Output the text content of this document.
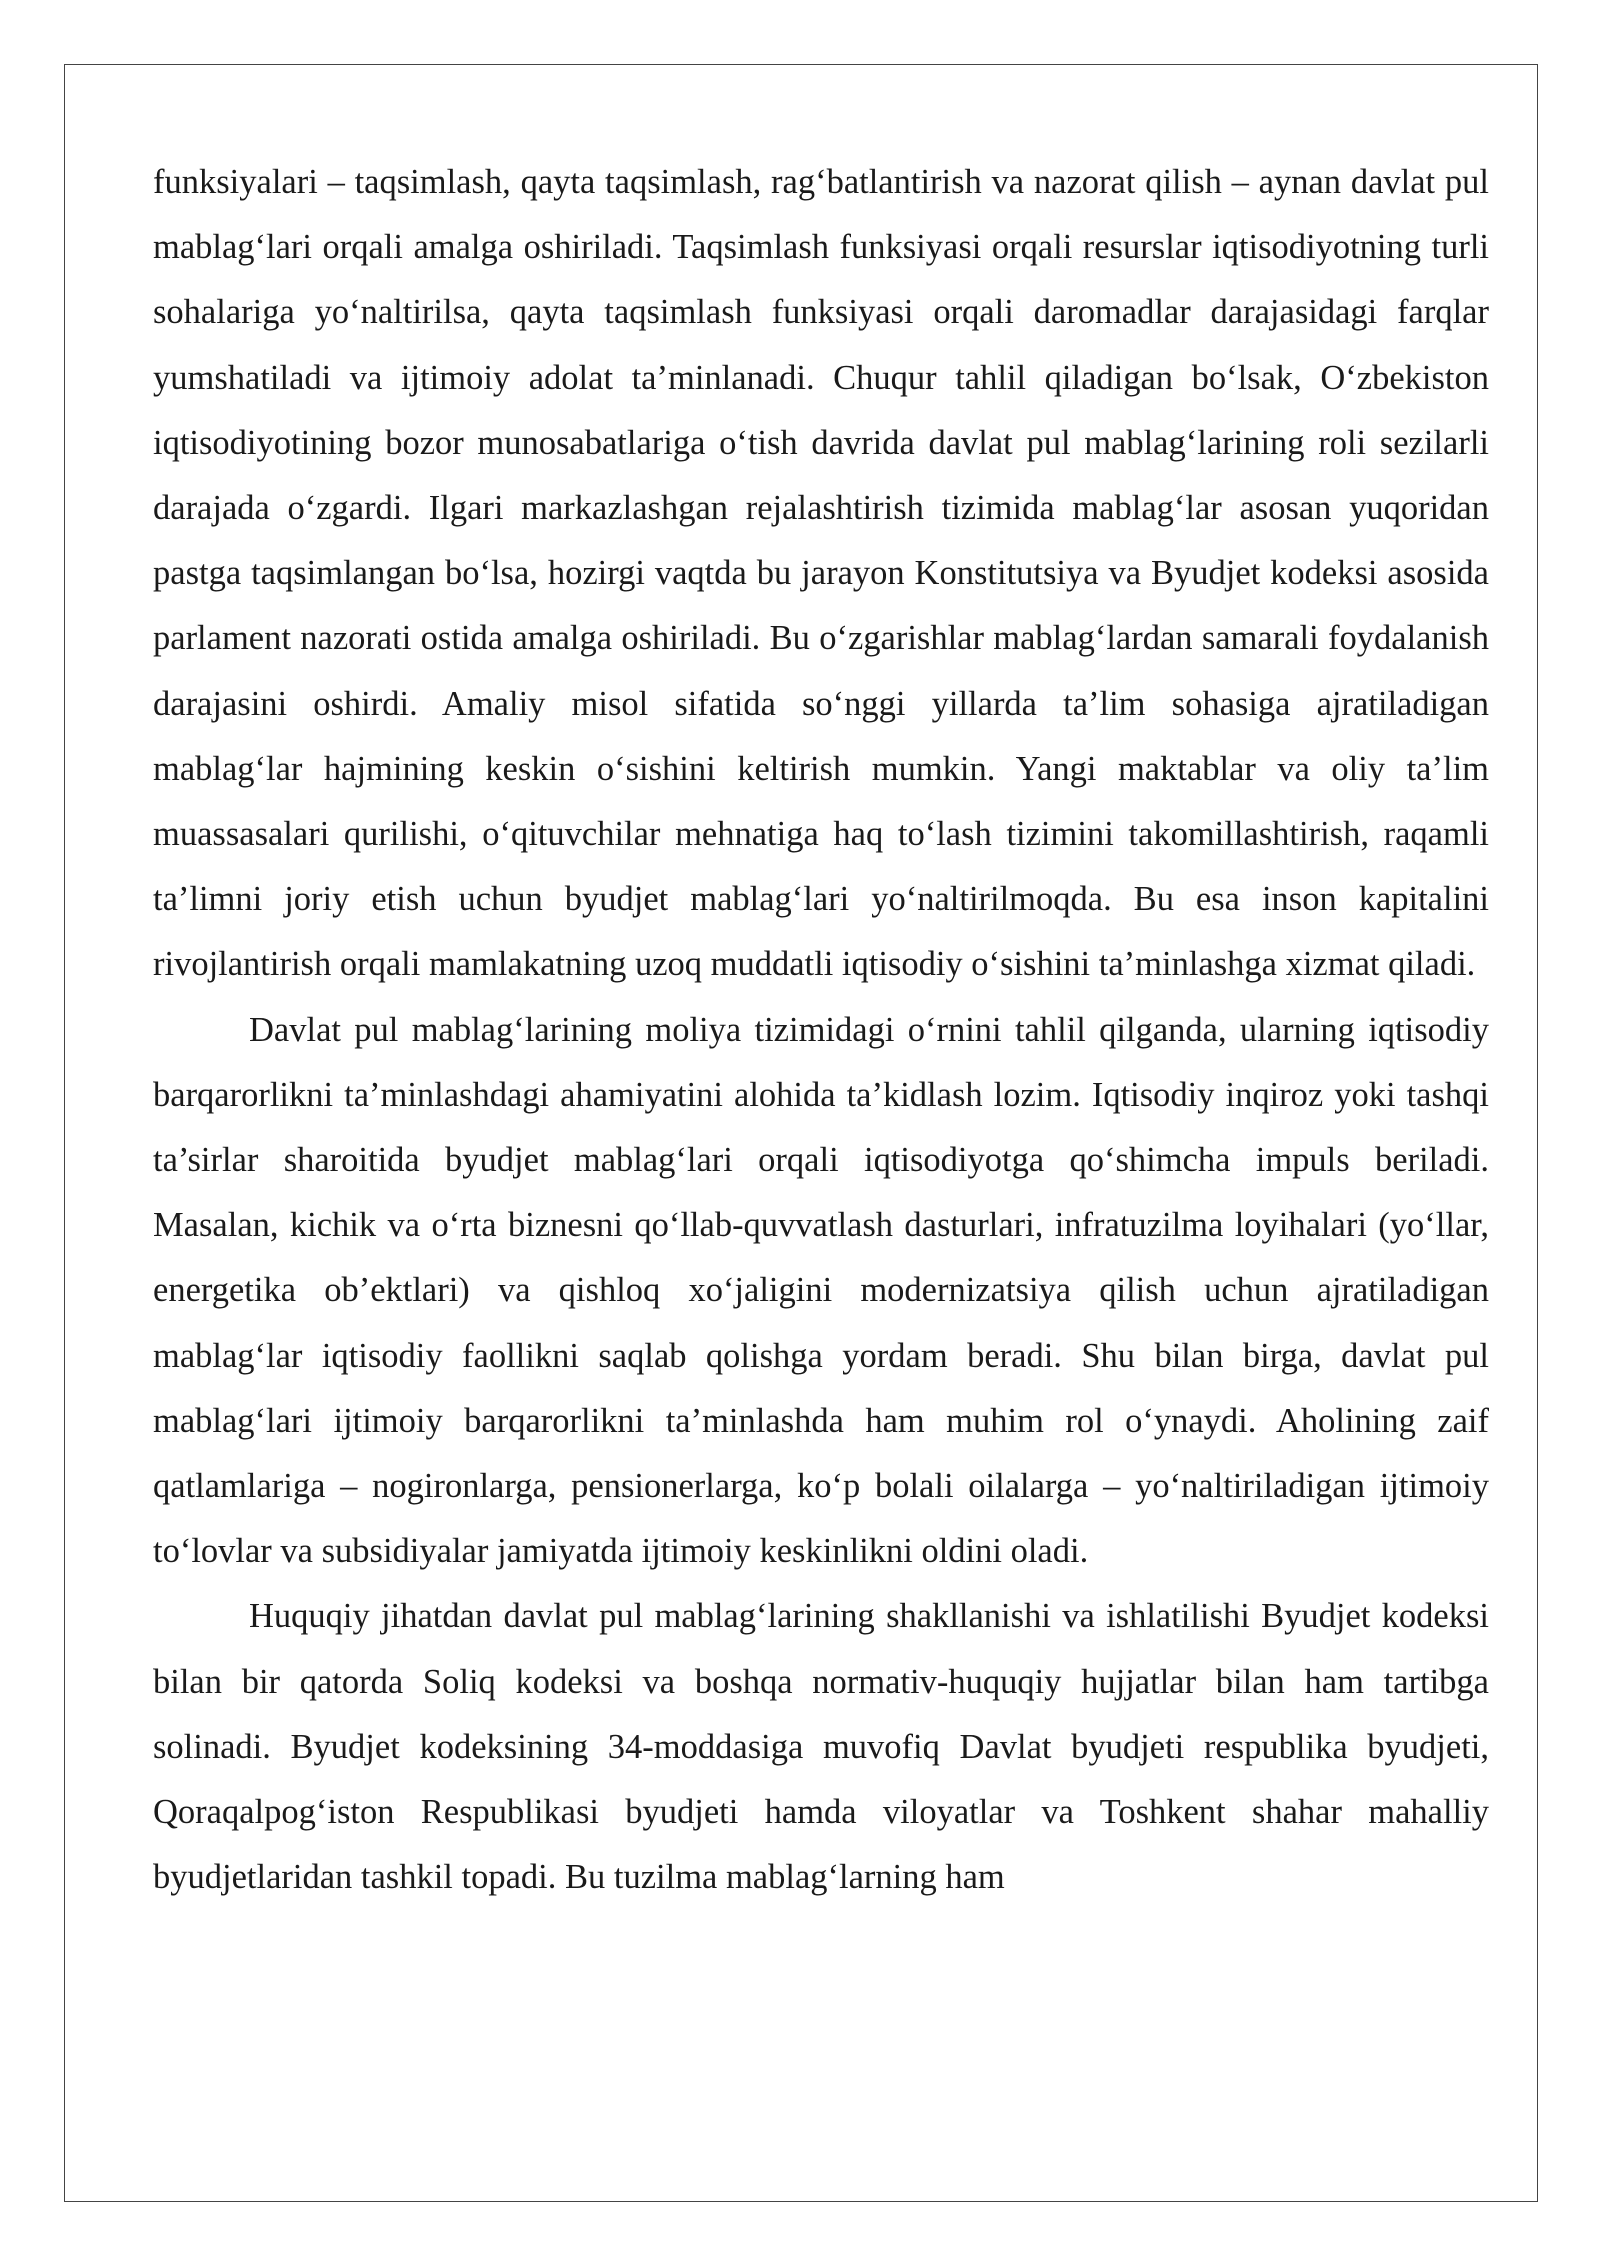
funksiyalari – taqsimlash, qayta taqsimlash, rag‘batlantirish va nazorat qilish – aynan davlat pul mablag‘lari orqali amalga oshiriladi. Taqsimlash funksiyasi orqali resurslar iqtisodiyotning turli sohalariga yo‘naltirilsa, qayta taqsimlash funksiyasi orqali daromadlar darajasidagi farqlar yumshatiladi va ijtimoiy adolat ta’minlanadi. Chuqur tahlil qiladigan bo‘lsak, O‘zbekiston iqtisodiyotining bozor munosabatlariga o‘tish davrida davlat pul mablag‘larining roli sezilarli darajada o‘zgardi. Ilgari markazlashgan rejalashtirish tizimida mablag‘lar asosan yuqoridan pastga taqsimlangan bo‘lsa, hozirgi vaqtda bu jarayon Konstitutsiya va Byudjet kodeksi asosida parlament nazorati ostida amalga oshiriladi. Bu o‘zgarishlar mablag‘lardan samarali foydalanish darajasini oshirdi. Amaliy misol sifatida so‘nggi yillarda ta’lim sohasiga ajratiladigan mablag‘lar hajmining keskin o‘sishini keltirish mumkin. Yangi maktablar va oliy ta’lim muassasalari qurilishi, o‘qituvchilar mehnatiga haq to‘lash tizimini takomillashtirish, raqamli ta’limni joriy etish uchun byudjet mablag‘lari yo‘naltirilmoqda. Bu esa inson kapitalini rivojlantirish orqali mamlakatning uzoq muddatli iqtisodiy o‘sishini ta’minlashga xizmat qiladi.

Davlat pul mablag‘larining moliya tizimidagi o‘rnini tahlil qilganda, ularning iqtisodiy barqarorlikni ta’minlashdagi ahamiyatini alohida ta’kidlash lozim. Iqtisodiy inqiroz yoki tashqi ta’sirlar sharoitida byudjet mablag‘lari orqali iqtisodiyotga qo‘shimcha impuls beriladi. Masalan, kichik va o‘rta biznesni qo‘llab-quvvatlash dasturlari, infratuzilma loyihalari (yo‘llar, energetika ob’ektlari) va qishloq xo‘jaligini modernizatsiya qilish uchun ajratiladigan mablag‘lar iqtisodiy faollikni saqlab qolishga yordam beradi. Shu bilan birga, davlat pul mablag‘lari ijtimoiy barqarorlikni ta’minlashda ham muhim rol o‘ynaydi. Aholining zaif qatlamlariga – nogironlarga, pensionerlarga, ko‘p bolali oilalarga – yo‘naltiriladigan ijtimoiy to‘lovlar va subsidiyalar jamiyatda ijtimoiy keskinlikni oldini oladi.

Huquqiy jihatdan davlat pul mablag‘larining shakllanishi va ishlatilishi Byudjet kodeksi bilan bir qatorda Soliq kodeksi va boshqa normativ-huquqiy hujjatlar bilan ham tartibga solinadi. Byudjet kodeksining 34-moddasiga muvofiq Davlat byudjeti respublika byudjeti, Qoraqalpog‘iston Respublikasi byudjeti hamda viloyatlar va Toshkent shahar mahalliy byudjetlaridan tashkil topadi. Bu tuzilma mablag‘larning ham
